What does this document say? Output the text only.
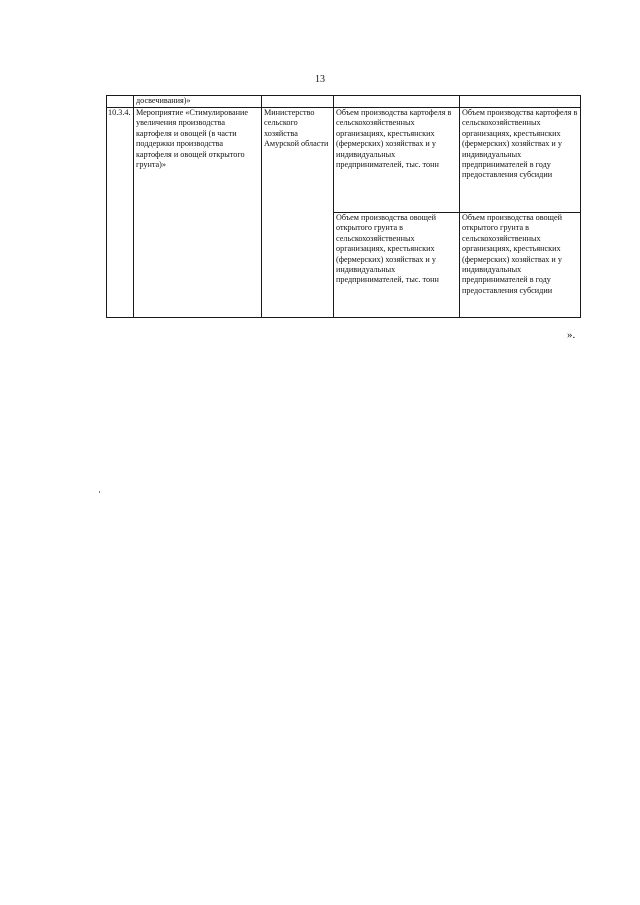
13
	досвечивания)»			
10.3.4.	Мероприятие «Стимулирование увеличения производства картофеля и овощей (в части поддержки производства картофеля и овощей открытого грунта)»	Министерство сельского хозяйства Амурской области	Объем производства картофеля в сельскохозяйственных организациях, крестьянских (фермерских) хозяйствах и у индивидуальных предпринимателей, тыс. тонн	Объем производства картофеля в сельскохозяйственных организациях, крестьянских (фермерских) хозяйствах и у индивидуальных предпринимателей в году предоставления субсидии
			Объем производства овощей открытого грунта в сельскохозяйственных организациях, крестьянских (фермерских) хозяйствах и у индивидуальных предпринимателей, тыс. тонн	Объем производства овощей открытого грунта в сельскохозяйственных организациях, крестьянских (фермерских) хозяйствах и у индивидуальных предпринимателей в году предоставления субсидии
».
